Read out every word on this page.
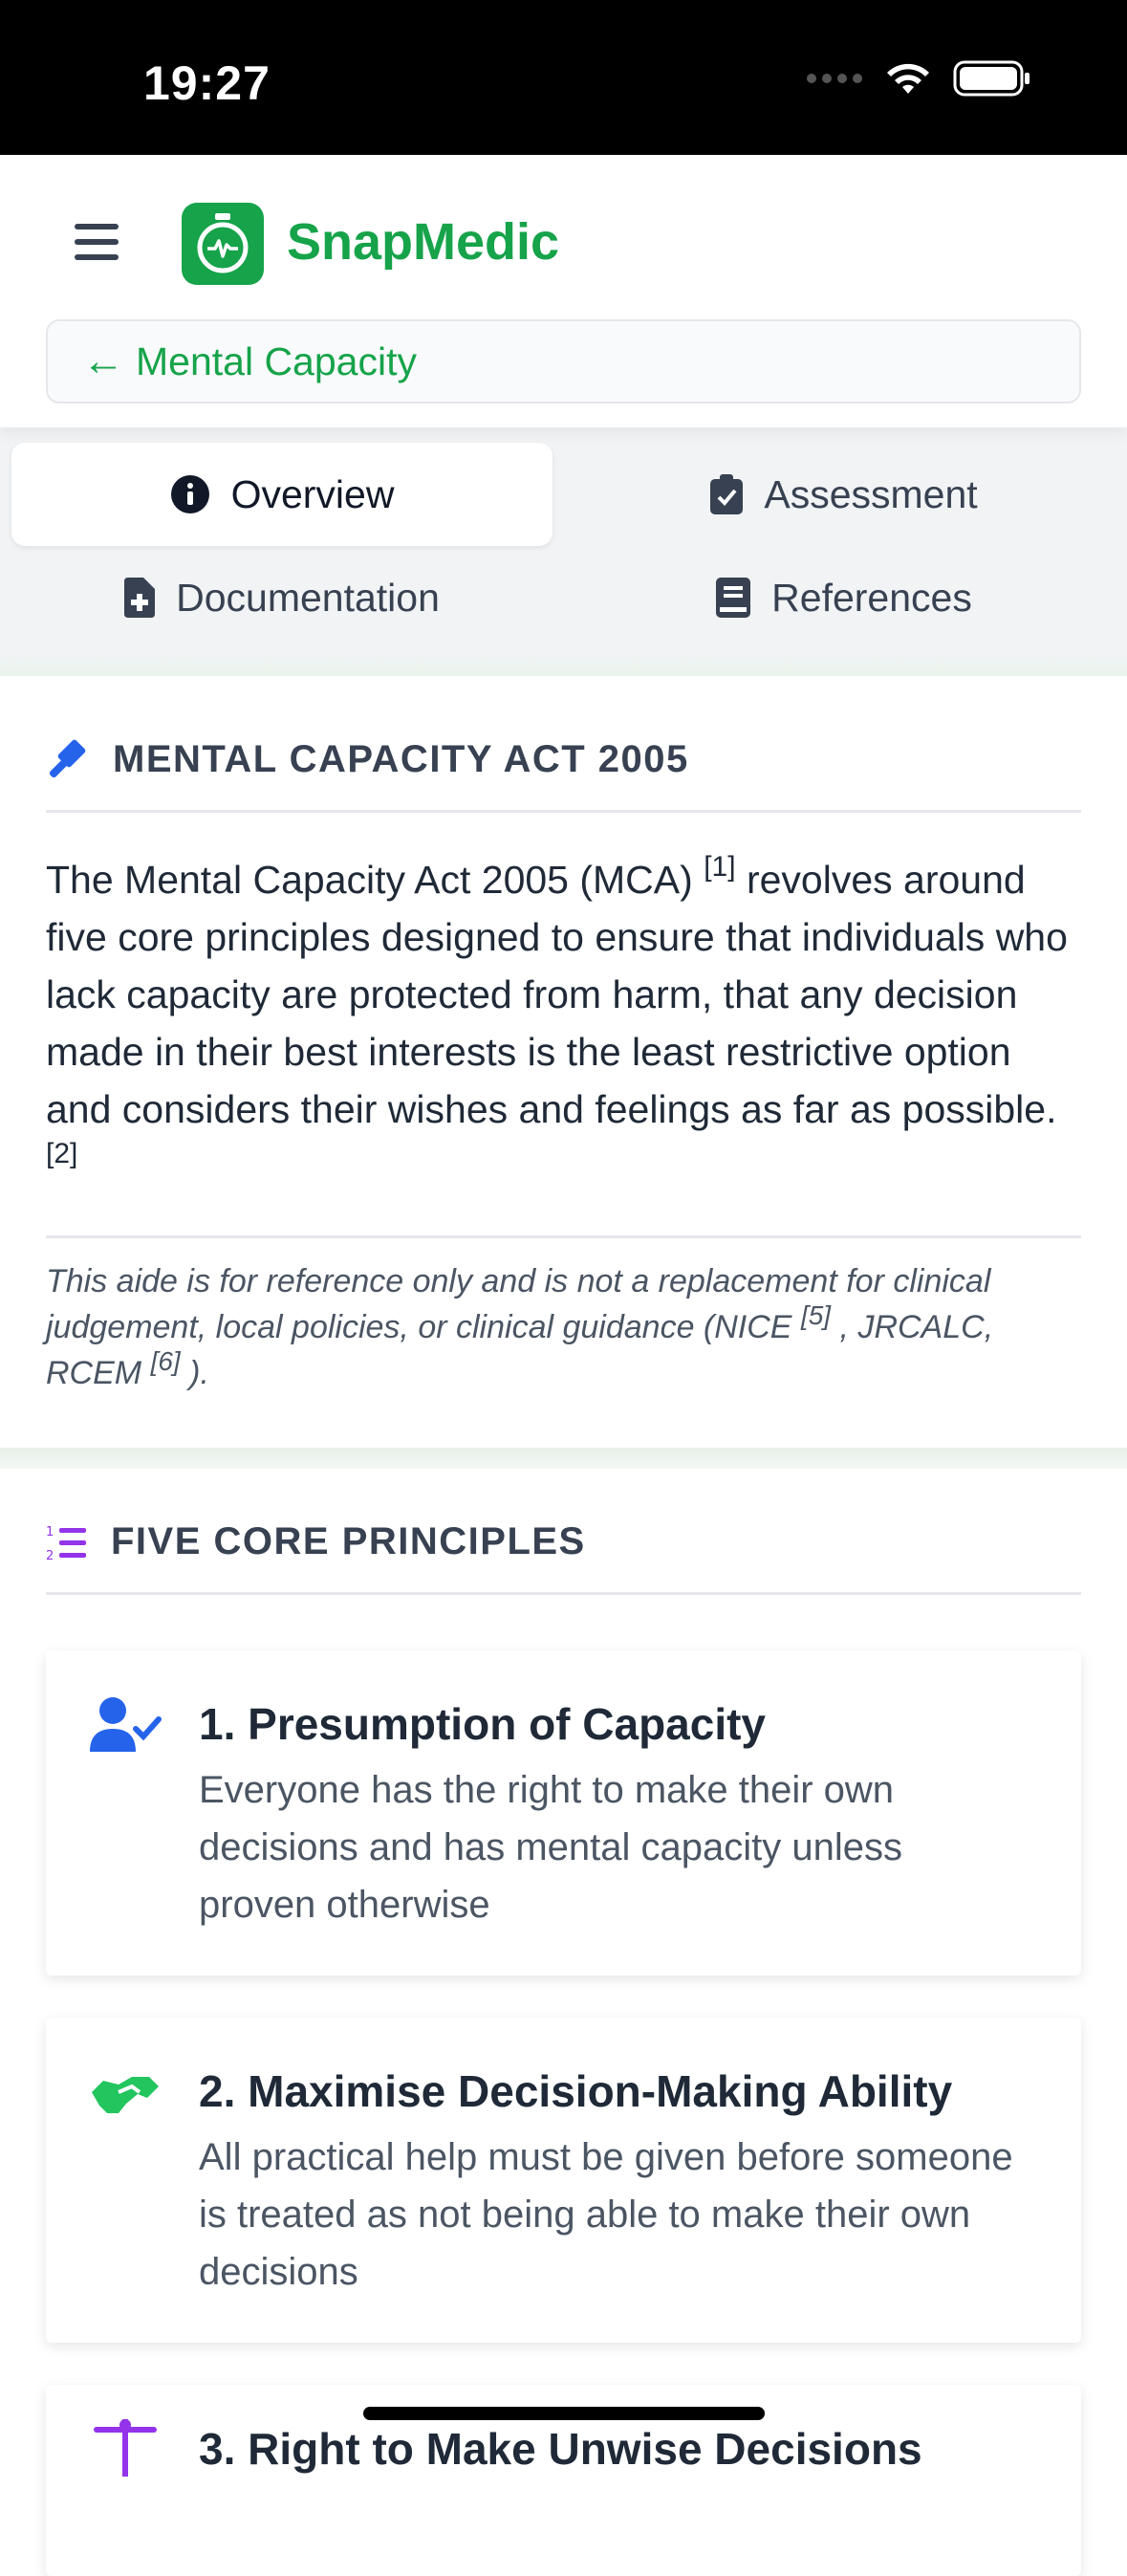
19:27
SnapMedic
← Mental Capacity
Overview	Assessment
Documentation	References
MENTAL CAPACITY ACT 2005

The Mental Capacity Act 2005 (MCA) [1] revolves around five core principles designed to ensure that individuals who lack capacity are protected from harm, that any decision made in their best interests is the least restrictive option and considers their wishes and feelings as far as possible. [2]

This aide is for reference only and is not a replacement for clinical judgement, local policies, or clinical guidance (NICE [5] , JRCALC, RCEM [6] ).

1
2 FIVE CORE PRINCIPLES
1. Presumption of Capacity
Everyone has the right to make their own decisions and has mental capacity unless proven otherwise
2. Maximise Decision-Making Ability
All practical help must be given before someone is treated as not being able to make their own decisions
3. Right to Make Unwise Decisions
